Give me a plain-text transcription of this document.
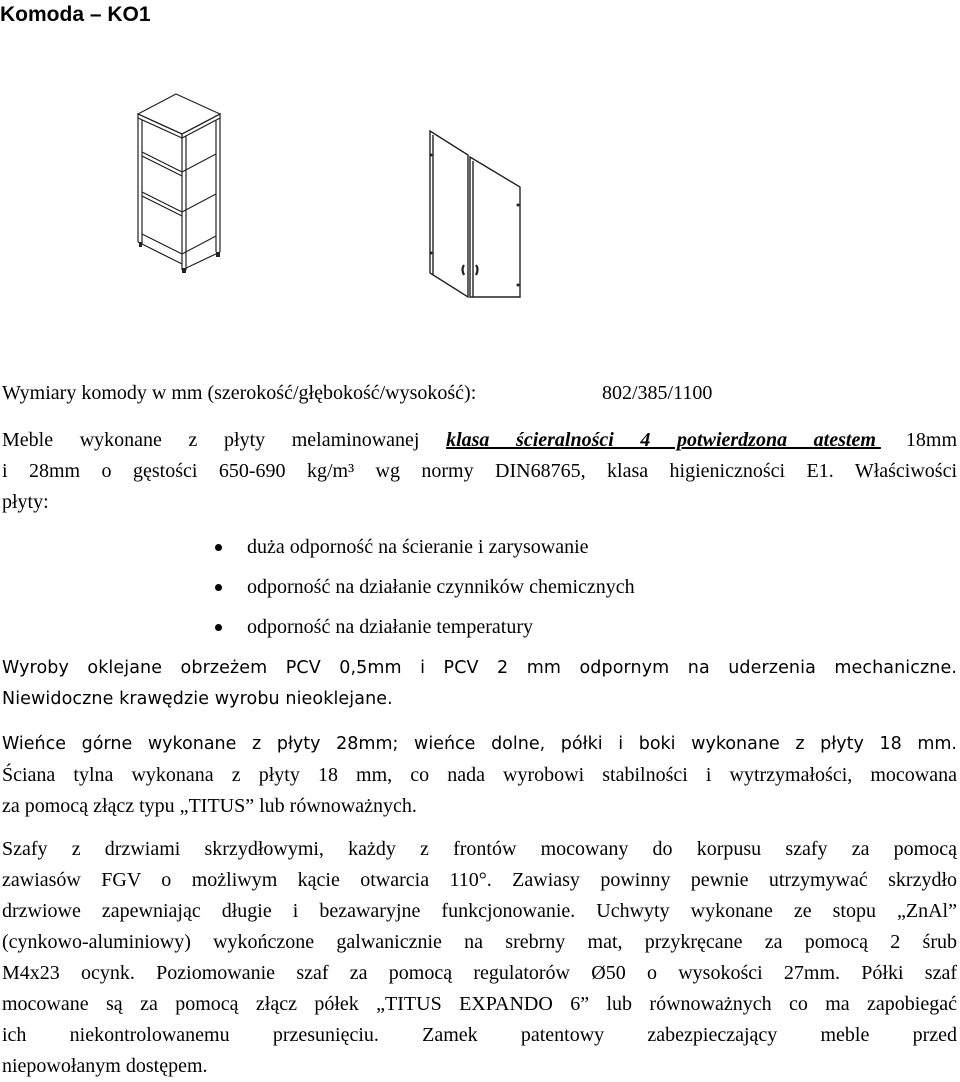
Komoda – KO1
Wymiary komody w mm (szerokość/głębokość/wysokość):	802/385/1100
Meble wykonane z płyty melaminowanej klasa ścieralności 4 potwierdzona atestem 18mm
i 28mm o gęstości 650-690 kg/m³ wg normy DIN68765, klasa higieniczności E1. Właściwości
płyty:
duża odporność na ścieranie i zarysowanie
odporność na działanie czynników chemicznych
odporność na działanie temperatury
Wyroby oklejane obrzeżem PCV 0,5mm i PCV 2 mm odpornym na uderzenia mechaniczne.
Niewidoczne krawędzie wyrobu nieoklejane.
Wieńce górne wykonane z płyty 28mm; wieńce dolne, półki i boki wykonane z płyty 18 mm.
Ściana tylna wykonana z płyty 18 mm, co nada wyrobowi stabilności i wytrzymałości, mocowana
za pomocą złącz typu „TITUS” lub równoważnych.
Szafy z drzwiami skrzydłowymi, każdy z frontów mocowany do korpusu szafy za pomocą
zawiasów FGV o możliwym kącie otwarcia 110°. Zawiasy powinny pewnie utrzymywać skrzydło
drzwiowe zapewniając długie i bezawaryjne funkcjonowanie. Uchwyty wykonane ze stopu „ZnAl”
(cynkowo-aluminiowy) wykończone galwanicznie na srebrny mat, przykręcane za pomocą 2 śrub
M4x23 ocynk. Poziomowanie szaf za pomocą regulatorów Ø50 o wysokości 27mm. Półki szaf
mocowane są za pomocą złącz półek „TITUS EXPANDO 6” lub równoważnych co ma zapobiegać
ich niekontrolowanemu przesunięciu. Zamek patentowy zabezpieczający meble przed
niepowołanym dostępem.
